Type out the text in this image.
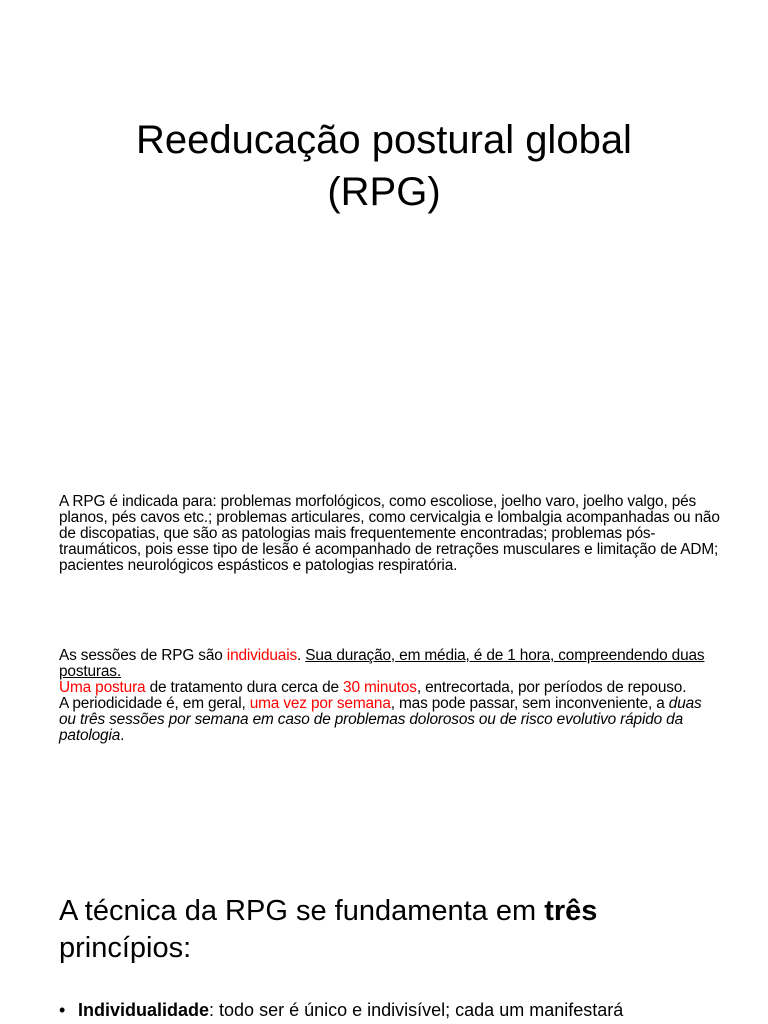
Reeducação postural global
(RPG)

A RPG é indicada para: problemas morfológicos, como escoliose, joelho varo, joelho valgo, pés planos, pés cavos etc.; problemas articulares, como cervicalgia e lombalgia acompanhadas ou não de discopatias, que são as patologias mais frequentemente encontradas; problemas pós-traumáticos, pois esse tipo de lesão é acompanhado de retrações musculares e limitação de ADM; pacientes neurológicos espásticos e patologias respiratória.

As sessões de RPG são individuais. Sua duração, em média, é de 1 hora, compreendendo duas posturas.
Uma postura de tratamento dura cerca de 30 minutos, entrecortada, por períodos de repouso.
A periodicidade é, em geral, uma vez por semana, mas pode passar, sem inconveniente, a duas ou três sessões por semana em caso de problemas dolorosos ou de risco evolutivo rápido da patologia.

A técnica da RPG se fundamenta em três princípios:
• Individualidade: todo ser é único e indivisível; cada um manifestará
